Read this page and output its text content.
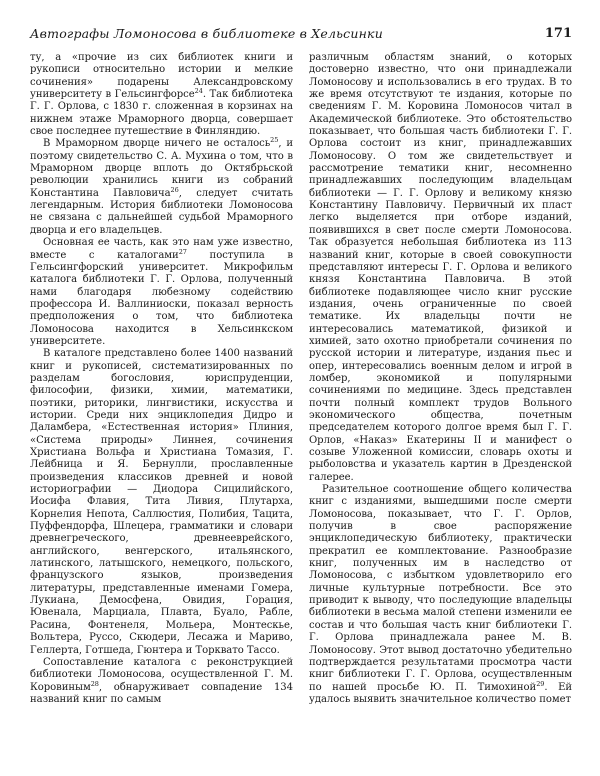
Автографы Ломоносова в библиотеке в Хельсинки	171

ту, а «прочие из сих библиотек книги и рукописи относительно истории и мелкие сочинения» подарены Александровскому университету в Гельсингфорсе$^{24}$. Так библиотека Г. Г. Орлова, с 1830 г. сложенная в корзинах на нижнем этаже Мраморного дворца, совершает свое последнее путешествие в Финляндию.

В Мраморном дворце ничего не осталось$^{25}$, и поэтому свидетельство С. А. Мухина о том, что в Мраморном дворце вплоть до Октябрьской революции хранились книги из собраний Константина Павловича$^{26}$, следует считать легендарным. История библиотеки Ломоносова не связана с дальнейшей судьбой Мраморного дворца и его владельцев.

Основная ее часть, как это нам уже известно, вместе с каталогами$^{27}$ поступила в Гельсингфорский университет. Микрофильм каталога библиотеки Г. Г. Орлова, полученный нами благодаря любезному содействию профессора И. Валлиниоски, показал верность предположения о том, что библиотека Ломоносова находится в Хельсинкском университете.

В каталоге представлено более 1400 названий книг и рукописей, систематизированных по разделам богословия, юриспруденции, философии, физики, химии, математики, поэтики, риторики, лингвистики, искусства и истории. Среди них энциклопедия Дидро и Даламбера, «Естественная история» Плиния, «Система природы» Линнея, сочинения Христиана Вольфа и Христиана Томазия, Г. Лейбница и Я. Бернулли, прославленные произведения классиков древней и новой историографии — Диодора Сицилийского, Иосифа Флавия, Тита Ливия, Плутарха, Корнелия Непота, Саллюстия, Полибия, Тацита, Пуффендорфа, Шлецера, грамматики и словари древнегреческого, древнееврейского, английского, венгерского, итальянского, латинского, латышского, немецкого, польского, французского языков, произведения литературы, представленные именами Гомера, Лукиана, Демосфена, Овидия, Горация, Ювенала, Марциала, Плавта, Буало, Рабле, Расина, Фонтенеля, Мольера, Монтескье, Вольтера, Руссо, Скюдери, Лесажа и Мариво, Геллерта, Готшеда, Гюнтера и Торквато Тассо.

Сопоставление каталога с реконструкцией библиотеки Ломоносова, осуществленной Г. М. Коровиным$^{28}$, обнаруживает совпадение 134 названий книг по самым

различным областям знаний, о которых достоверно известно, что они принадлежали Ломоносову и использовались в его трудах. В то же время отсутствуют те издания, которые по сведениям Г. М. Коровина Ломоносов читал в Академической библиотеке. Это обстоятельство показывает, что большая часть библиотеки Г. Г. Орлова состоит из книг, принадлежавших Ломоносову. О том же свидетельствует и рассмотрение тематики книг, несомненно принадлежавших последующим владельцам библиотеки — Г. Г. Орлову и великому князю Константину Павловичу. Первичный их пласт легко выделяется при отборе изданий, появившихся в свет после смерти Ломоносова. Так образуется небольшая библиотека из 113 названий книг, которые в своей совокупности представляют интересы Г. Г. Орлова и великого князя Константина Павловича. В этой библиотеке подавляющее число книг русские издания, очень ограниченные по своей тематике. Их владельцы почти не интересовались математикой, физикой и химией, зато охотно приобретали сочинения по русской истории и литературе, издания пьес и опер, интересовались военным делом и игрой в ломбер, экономикой и популярными сочинениями по медицине. Здесь представлен почти полный комплект трудов Вольного экономического общества, почетным председателем которого долгое время был Г. Г. Орлов, «Наказ» Екатерины II и манифест о созыве Уложенной комиссии, словарь охоты и рыболовства и указатель картин в Дрезденской галерее.

Разительное соотношение общего количества книг с изданиями, вышедшими после смерти Ломоносова, показывает, что Г. Г. Орлов, получив в свое распоряжение энциклопедическую библиотеку, практически прекратил ее комплектование. Разнообразие книг, полученных им в наследство от Ломоносова, с избытком удовлетворило его личные культурные потребности. Все это приводит к выводу, что последующие владельцы библиотеки в весьма малой степени изменили ее состав и что большая часть книг библиотеки Г. Г. Орлова принадлежала ранее М. В. Ломоносову. Этот вывод достаточно убедительно подтверждается результатами просмотра части книг библиотеки Г. Г. Орлова, осуществленным по нашей просьбе Ю. П. Тимохиной$^{29}$. Ей удалось выявить значительное количество помет
